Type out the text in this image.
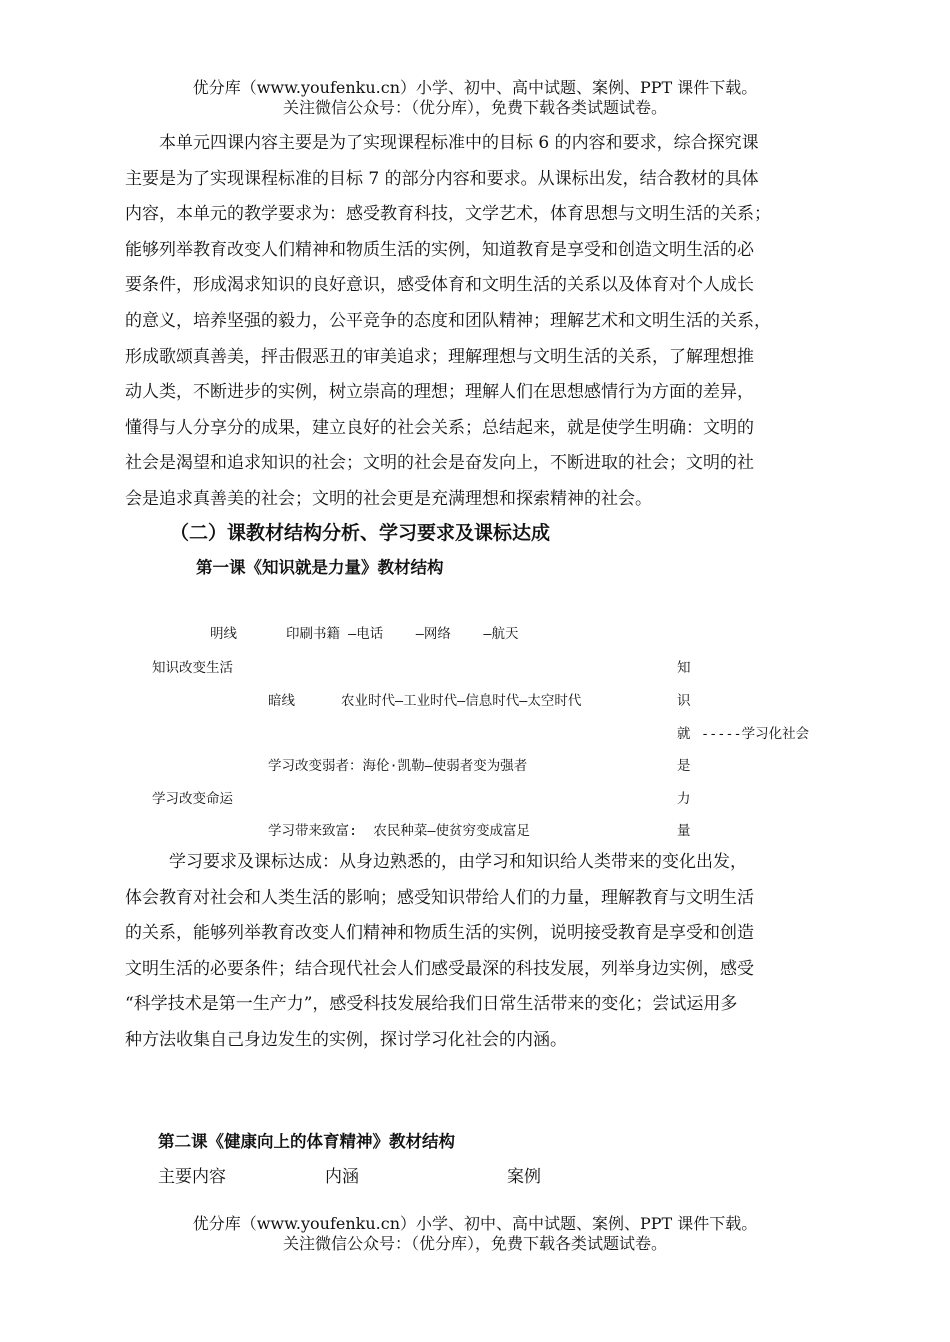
优分库（www.youfenku.cn）小学、初中、高中试题、案例、PPT 课件下载。
关注微信公众号：（优分库），免费下载各类试题试卷。
本单元四课内容主要是为了实现课程标准中的目标 6 的内容和要求，综合探究课
主要是为了实现课程标准的目标 7 的部分内容和要求。从课标出发，结合教材的具体
内容，本单元的教学要求为：感受教育科技，文学艺术，体育思想与文明生活的关系；
能够列举教育改变人们精神和物质生活的实例，知道教育是享受和创造文明生活的必
要条件，形成渴求知识的良好意识，感受体育和文明生活的关系以及体育对个人成长
的意义，培养坚强的毅力，公平竞争的态度和团队精神；理解艺术和文明生活的关系，
形成歌颂真善美，抨击假恶丑的审美追求；理解理想与文明生活的关系，了解理想推
动人类，不断进步的实例，树立崇高的理想；理解人们在思想感情行为方面的差异，
懂得与人分享分的成果，建立良好的社会关系；总结起来，就是使学生明确：文明的
社会是渴望和追求知识的社会；文明的社会是奋发向上，不断进取的社会；文明的社
会是追求真善美的社会；文明的社会更是充满理想和探索精神的社会。
（二）课教材结构分析、学习要求及课标达成
第一课《知识就是力量》教材结构
明线	印刷书籍 —电话    —网络    —航天
知识改变生活
暗线	农业时代—工业时代—信息时代—太空时代
学习改变弱者：海伦·凯勒—使弱者变为强者
学习改变命运
学习带来致富:  农民种菜—使贫穷变成富足
知
识
就
是
力
量
-----学习化社会
学习要求及课标达成：从身边熟悉的，由学习和知识给人类带来的变化出发，
体会教育对社会和人类生活的影响；感受知识带给人们的力量，理解教育与文明生活
的关系，能够列举教育改变人们精神和物质生活的实例，说明接受教育是享受和创造
文明生活的必要条件；结合现代社会人们感受最深的科技发展，列举身边实例，感受
“科学技术是第一生产力”，感受科技发展给我们日常生活带来的变化；尝试运用多
种方法收集自己身边发生的实例，探讨学习化社会的内涵。
第二课《健康向上的体育精神》教材结构
主要内容	内涵	案例
优分库（www.youfenku.cn）小学、初中、高中试题、案例、PPT 课件下载。
关注微信公众号：（优分库），免费下载各类试题试卷。
